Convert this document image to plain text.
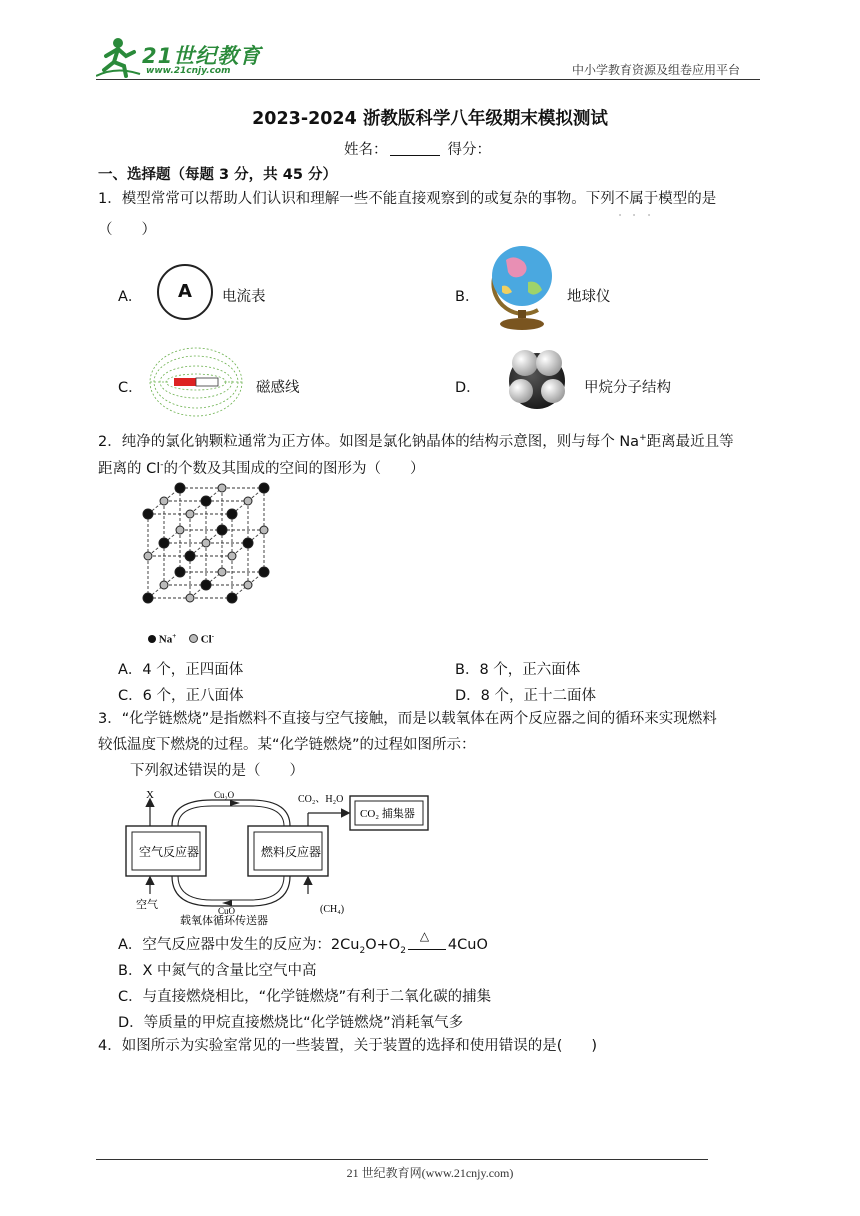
21世纪教育
www.21cnjy.com	中小学教育资源及组卷应用平台
2023-2024 浙教版科学八年级期末模拟测试
姓名：	得分：
一、选择题（每题 3 分，共 45 分）
1．模型常常可以帮助人们认识和理解一些不能直接观察到的或复杂的事物。下列不属于
· · ·
模型的是
（　　）
A．	A	电流表	B．	地球仪
C．	磁感线	D．	甲烷分子结构
2．纯净的氯化钠颗粒通常为正方体。如图是氯化钠晶体的结构示意图，则与每个 Na+距离最近且等
距离的 Cl-的个数及其围成的空间的图形为（　　）
Na+ Cl-
A．4 个，正四面体	B．8 个，正六面体
C．6 个，正八面体	D．8 个，正十二面体
3．“化学链燃烧”是指燃料不直接与空气接触，而是以载氧体在两个反应器之间的循环来实现燃料
较低温度下燃烧的过程。某“化学链燃烧”的过程如图所示：
下列叙述错误的是（　　）
X
空气反应器	燃料反应器
Cu₂O
CuO
CO₂、H₂O
CO₂ 捕集器
空气	(CH₄)
载氧体循环传送器
A．空气反应器中发生的反应为：$2Cu_2O+O_2$
△
4CuO
B．X 中氮气的含量比空气中高
C．与直接燃烧相比，“化学链燃烧”有利于二氧化碳的捕集
D．等质量的甲烷直接燃烧比“化学链燃烧”消耗氧气多
4．如图所示为实验室常见的一些装置，关于装置的选择和使用错误的是(　　)
21 世纪教育网(www.21cnjy.com)
